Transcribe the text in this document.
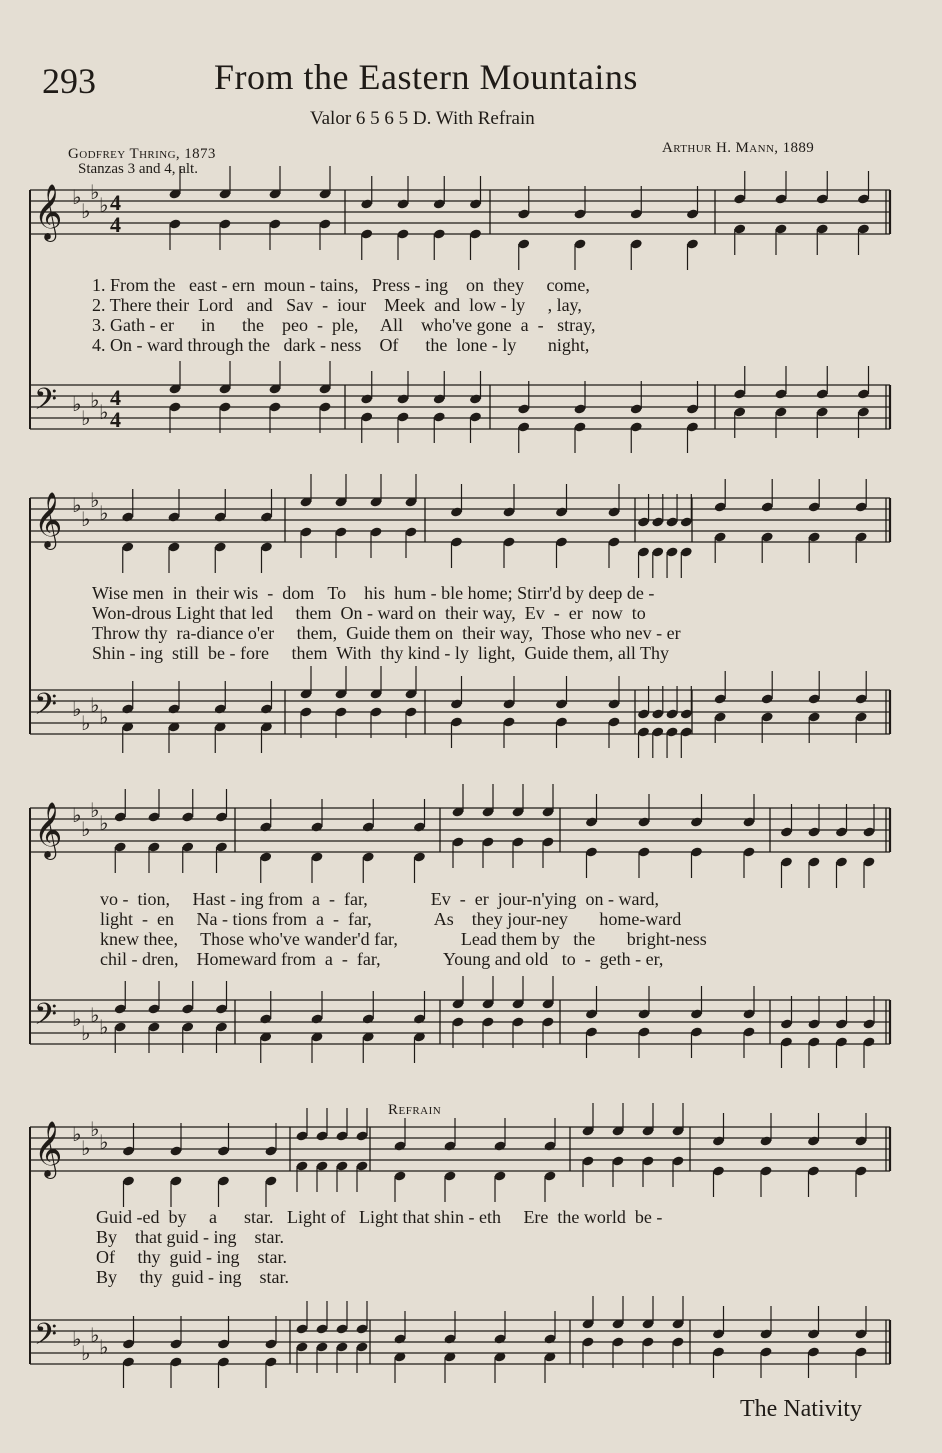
293	From the Eastern Mountains
Valor 6 5 6 5 D. With Refrain
Godfrey Thring, 1873
Stanzas 3 and 4, alt.
Arthur H. Mann, 1889
𝄞 ♭
♭
♭
♭ 4
4
𝄢 ♭
♭
♭
♭
4
4
𝄞 ♭
♭
♭
♭
𝄢 ♭
♭
♭
♭
𝄞 ♭
♭
♭
♭
𝄢 ♭
♭
♭
♭
𝄞 ♭
♭
♭
♭
𝄢 ♭
♭
♭
♭
1. From the   east - ern  moun - tains,   Press - ing    on  they     come,
2. There their  Lord   and   Sav  -  iour    Meek  and  low - ly     , lay,
3. Gath - er      in      the    peo  -  ple,     All    who've gone  a  -   stray,
4. On - ward through the   dark - ness    Of      the  lone - ly       night,
Wise men  in  their wis  -  dom   To    his  hum - ble home; Stirr'd by deep de -
Won-drous Light that led     them  On - ward on  their way,  Ev  -  er  now  to
Throw thy  ra-diance o'er     them,  Guide them on  their way,  Those who nev - er
Shin - ing  still  be - fore     them  With  thy kind - ly  light,  Guide them, all Thy
vo -  tion,     Hast - ing from  a  -  far,              Ev  -  er  jour-n'ying  on - ward,
light  -  en     Na - tions from  a  -  far,              As    they jour-ney       home-ward
knew thee,     Those who've wander'd far,              Lead them by   the       bright-ness
chil - dren,    Homeward from  a  -  far,              Young and old   to  -  geth - er,
Guid -ed  by     a      star.   Light of   Light that shin - eth     Ere  the world  be -
By    that guid - ing    star.
Of     thy  guid - ing    star.
By     thy  guid - ing    star.
Refrain
The Nativity
